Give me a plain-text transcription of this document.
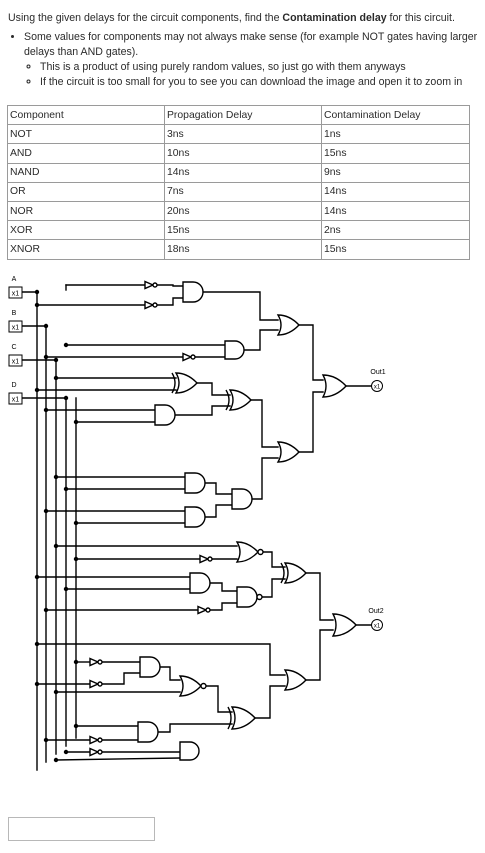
Using the given delays for the circuit components, find the Contamination delay for this circuit.
• Some values for components may not always make sense (for example NOT gates having larger delays than AND gates).
◦ This is a product of using purely random values, so just go with them anyways
◦ If the circuit is too small for you to see you can download the image and open it to zoom in
Component	Propagation Delay	Contamination Delay
NOT	3ns	1ns
AND	10ns	15ns
NAND	14ns	9ns
OR	7ns	14ns
NOR	20ns	14ns
XOR	15ns	2ns
XNOR	18ns	15ns
A
x1
B
x1
C
x1
D
x1
Out1
x1
Out2
x1
